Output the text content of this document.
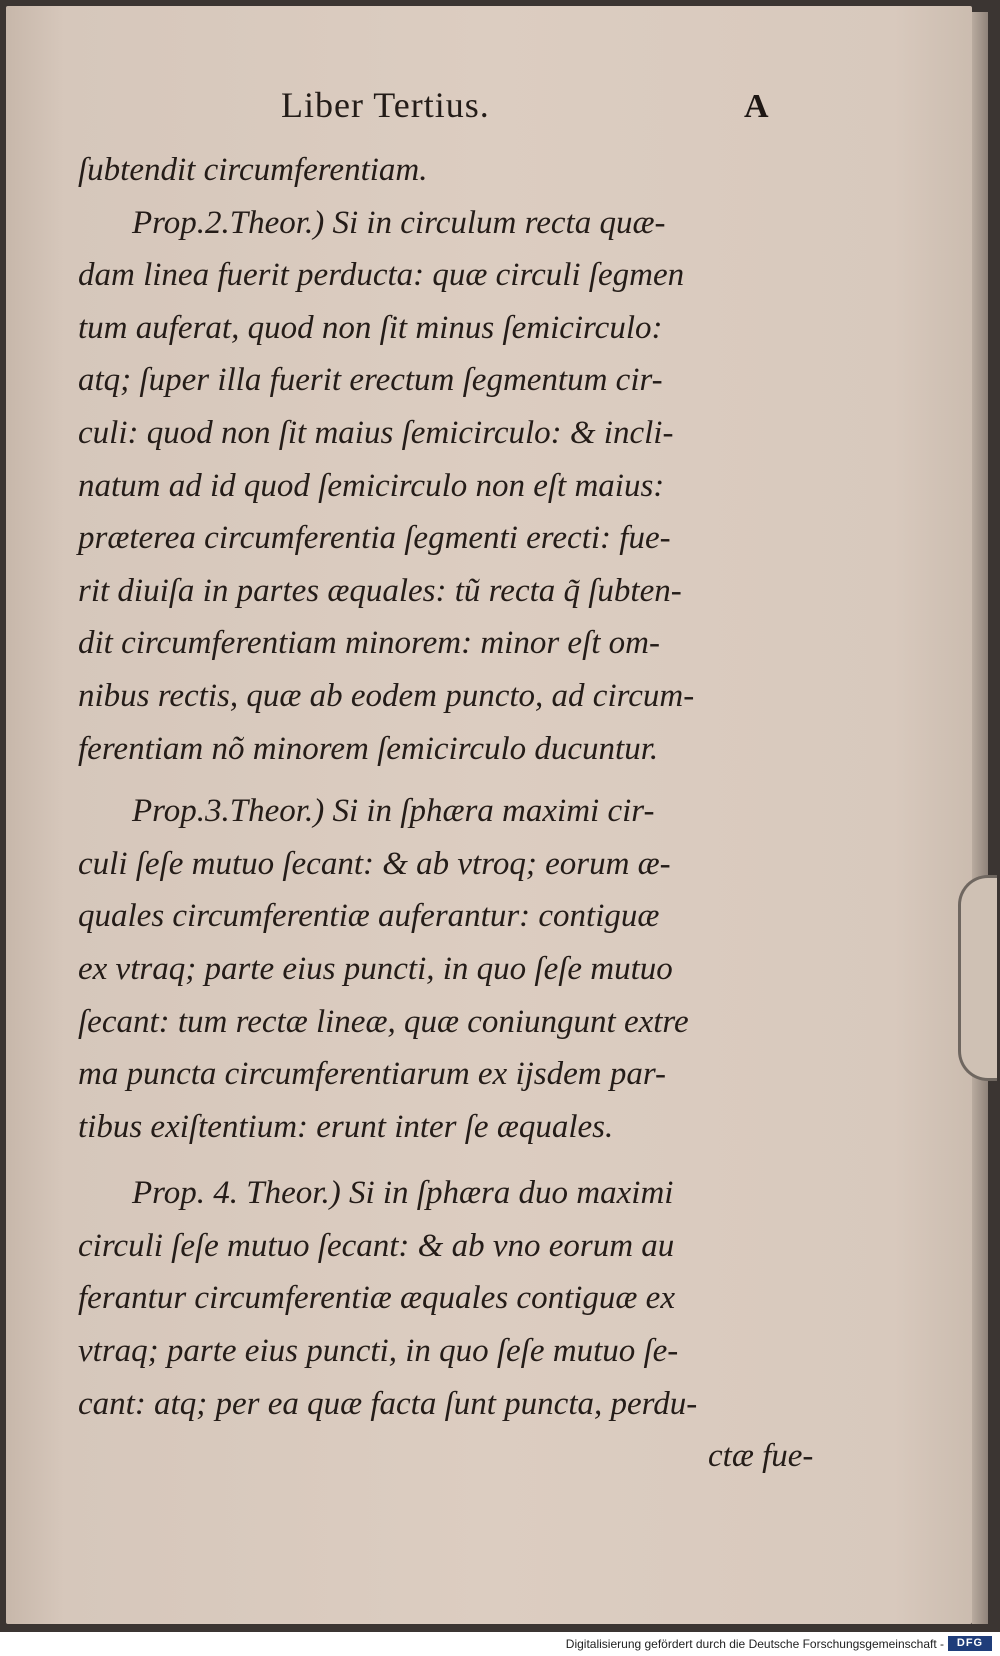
Liber Tertius.	A
ſubtendit circumferentiam.
Prop.2.Theor.) Si in circulum recta quæ-
dam linea fuerit perducta: quæ circuli ſegmen
tum auferat, quod non ſit minus ſemicirculo:
atq; ſuper illa fuerit erectum ſegmentum cir-
culi: quod non ſit maius ſemicirculo: & incli-
natum ad id quod ſemicirculo non eſt maius:
præterea circumferentia ſegmenti erecti: fue-
rit diuiſa in partes æquales: tũ recta q̃ ſubten-
dit circumferentiam minorem: minor eſt om-
nibus rectis, quæ ab eodem puncto, ad circum-
ferentiam nõ minorem ſemicirculo ducuntur.
Prop.3.Theor.) Si in ſphæra maximi cir-
culi ſeſe mutuo ſecant: & ab vtroq; eorum æ-
quales circumferentiæ auferantur: contiguæ
ex vtraq; parte eius puncti, in quo ſeſe mutuo
ſecant: tum rectæ lineæ, quæ coniungunt extre
ma puncta circumferentiarum ex ijsdem par-
tibus exiſtentium: erunt inter ſe æquales.
Prop. 4. Theor.) Si in ſphæra duo maximi
circuli ſeſe mutuo ſecant: & ab vno eorum au
ferantur circumferentiæ æquales contiguæ ex
vtraq; parte eius puncti, in quo ſeſe mutuo ſe-
cant: atq; per ea quæ facta ſunt puncta, perdu-
ctæ fue-
Digitalisierung gefördert durch die Deutsche Forschungsgemeinschaft -	DFG
